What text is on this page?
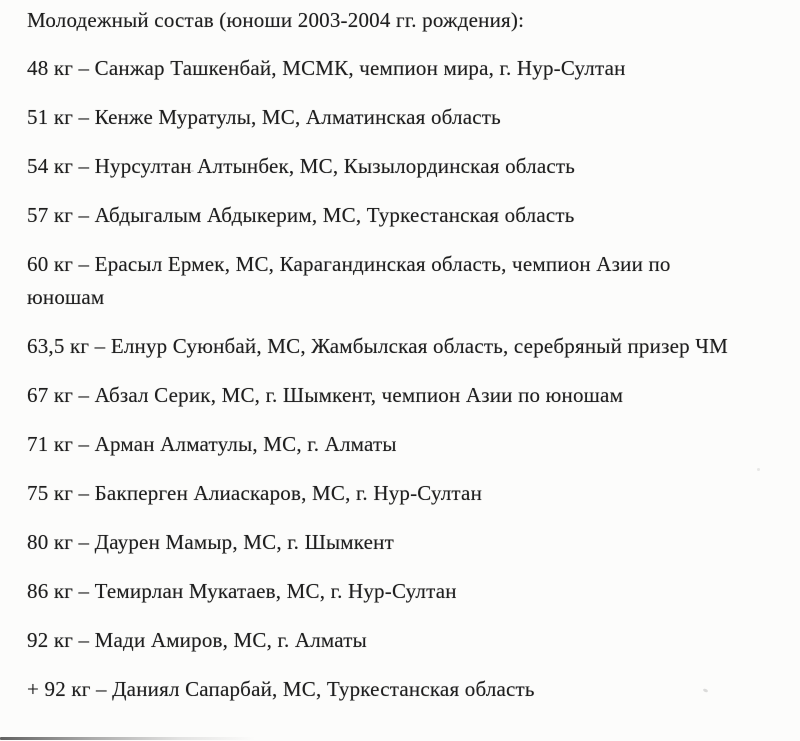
Молодежный состав (юноши 2003-2004 гг. рождения):

48 кг – Санжар Ташкенбай, МСМК, чемпион мира, г. Нур-Султан

51 кг – Кенже Муратулы, МС, Алматинская область

54 кг – Нурсултан Алтынбек, МС, Кызылординская область

57 кг – Абдыгалым Абдыкерим, МС, Туркестанская область

60 кг – Ерасыл Ермек, МС, Карагандинская область, чемпион Азии по
юношам

63,5 кг – Елнур Суюнбай, МС, Жамбылская область, серебряный призер ЧМ

67 кг – Абзал Серик, МС, г. Шымкент, чемпион Азии по юношам

71 кг – Арман Алматулы, МС, г. Алматы

75 кг – Бакперген Алиаскаров, МС, г. Нур-Султан

80 кг – Даурен Мамыр, МС, г. Шымкент

86 кг – Темирлан Мукатаев, МС, г. Нур-Султан

92 кг – Мади Амиров, МС, г. Алматы

+ 92 кг – Даниял Сапарбай, МС, Туркестанская область
